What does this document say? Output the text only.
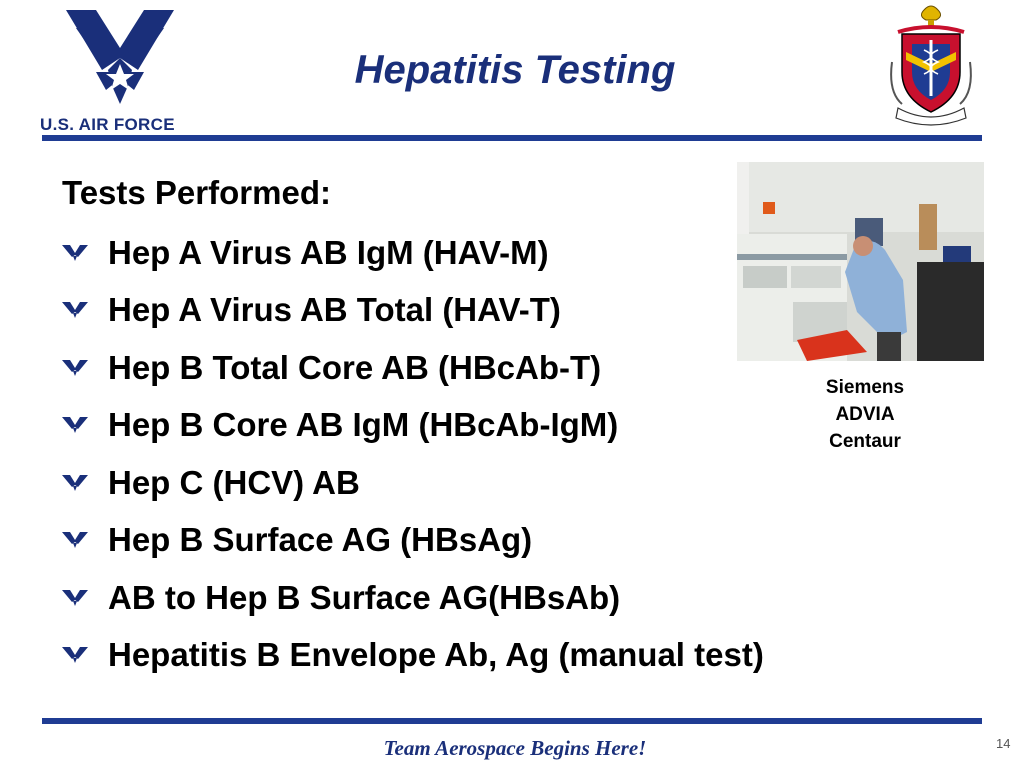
U.S. AIR FORCE
Hepatitis Testing
Tests Performed:
Hep A Virus AB IgM (HAV-M)
Hep A Virus AB Total (HAV-T)
Hep B Total Core AB (HBcAb-T)
Hep B Core AB IgM (HBcAb-IgM)
Hep C (HCV) AB
Hep B Surface AG (HBsAg)
AB to Hep B Surface AG(HBsAb)
Hepatitis B Envelope Ab, Ag (manual test)
Siemens
ADVIA
Centaur
Team Aerospace Begins Here!	14
